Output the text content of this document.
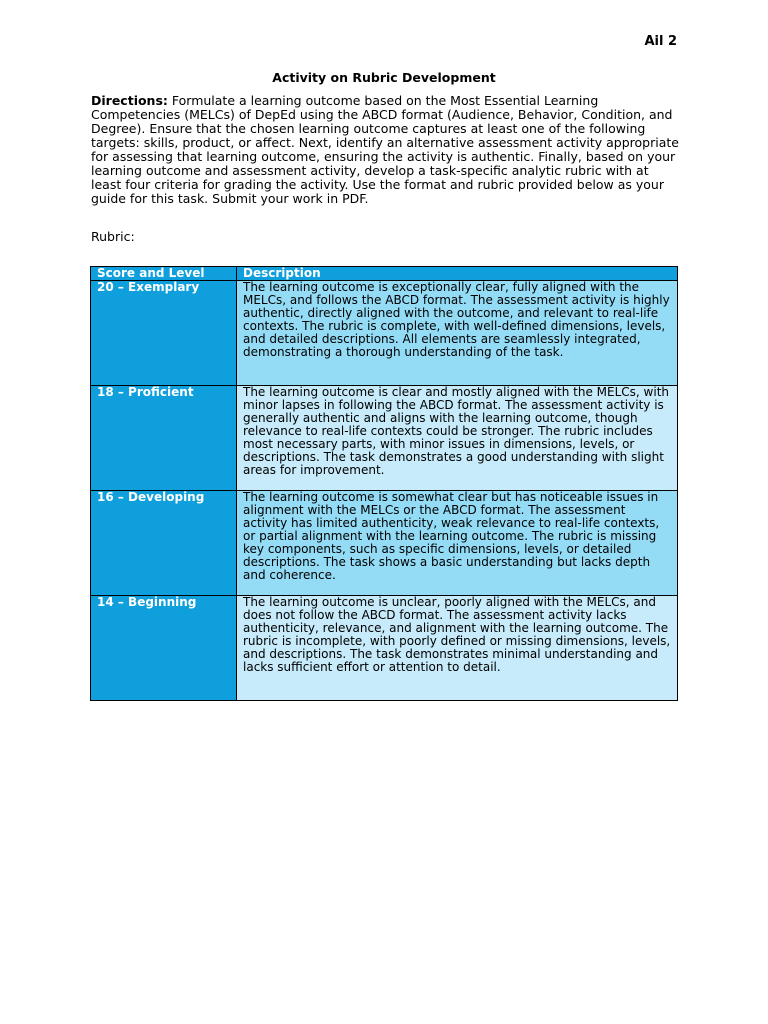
Ail 2
Activity on Rubric Development

Directions: Formulate a learning outcome based on the Most Essential Learning Competencies (MELCs) of DepEd using the ABCD format (Audience, Behavior, Condition, and Degree). Ensure that the chosen learning outcome captures at least one of the following targets: skills, product, or affect. Next, identify an alternative assessment activity appropriate for assessing that learning outcome, ensuring the activity is authentic. Finally, based on your learning outcome and assessment activity, develop a task-specific analytic rubric with at least four criteria for grading the activity. Use the format and rubric provided below as your guide for this task. Submit your work in PDF.

Rubric:
Score and Level	Description
20 – Exemplary	The learning outcome is exceptionally clear, fully aligned with the MELCs, and follows the ABCD format. The assessment activity is highly authentic, directly aligned with the outcome, and relevant to real-life contexts. The rubric is complete, with well-defined dimensions, levels, and detailed descriptions. All elements are seamlessly integrated, demonstrating a thorough understanding of the task.
18 – Proficient	The learning outcome is clear and mostly aligned with the MELCs, with minor lapses in following the ABCD format. The assessment activity is generally authentic and aligns with the learning outcome, though relevance to real-life contexts could be stronger. The rubric includes most necessary parts, with minor issues in dimensions, levels, or descriptions. The task demonstrates a good understanding with slight areas for improvement.
16 – Developing	The learning outcome is somewhat clear but has noticeable issues in alignment with the MELCs or the ABCD format. The assessment activity has limited authenticity, weak relevance to real-life contexts, or partial alignment with the learning outcome. The rubric is missing key components, such as specific dimensions, levels, or detailed descriptions. The task shows a basic understanding but lacks depth and coherence.
14 – Beginning	The learning outcome is unclear, poorly aligned with the MELCs, and does not follow the ABCD format. The assessment activity lacks authenticity, relevance, and alignment with the learning outcome. The rubric is incomplete, with poorly defined or missing dimensions, levels, and descriptions. The task demonstrates minimal understanding and lacks sufficient effort or attention to detail.
